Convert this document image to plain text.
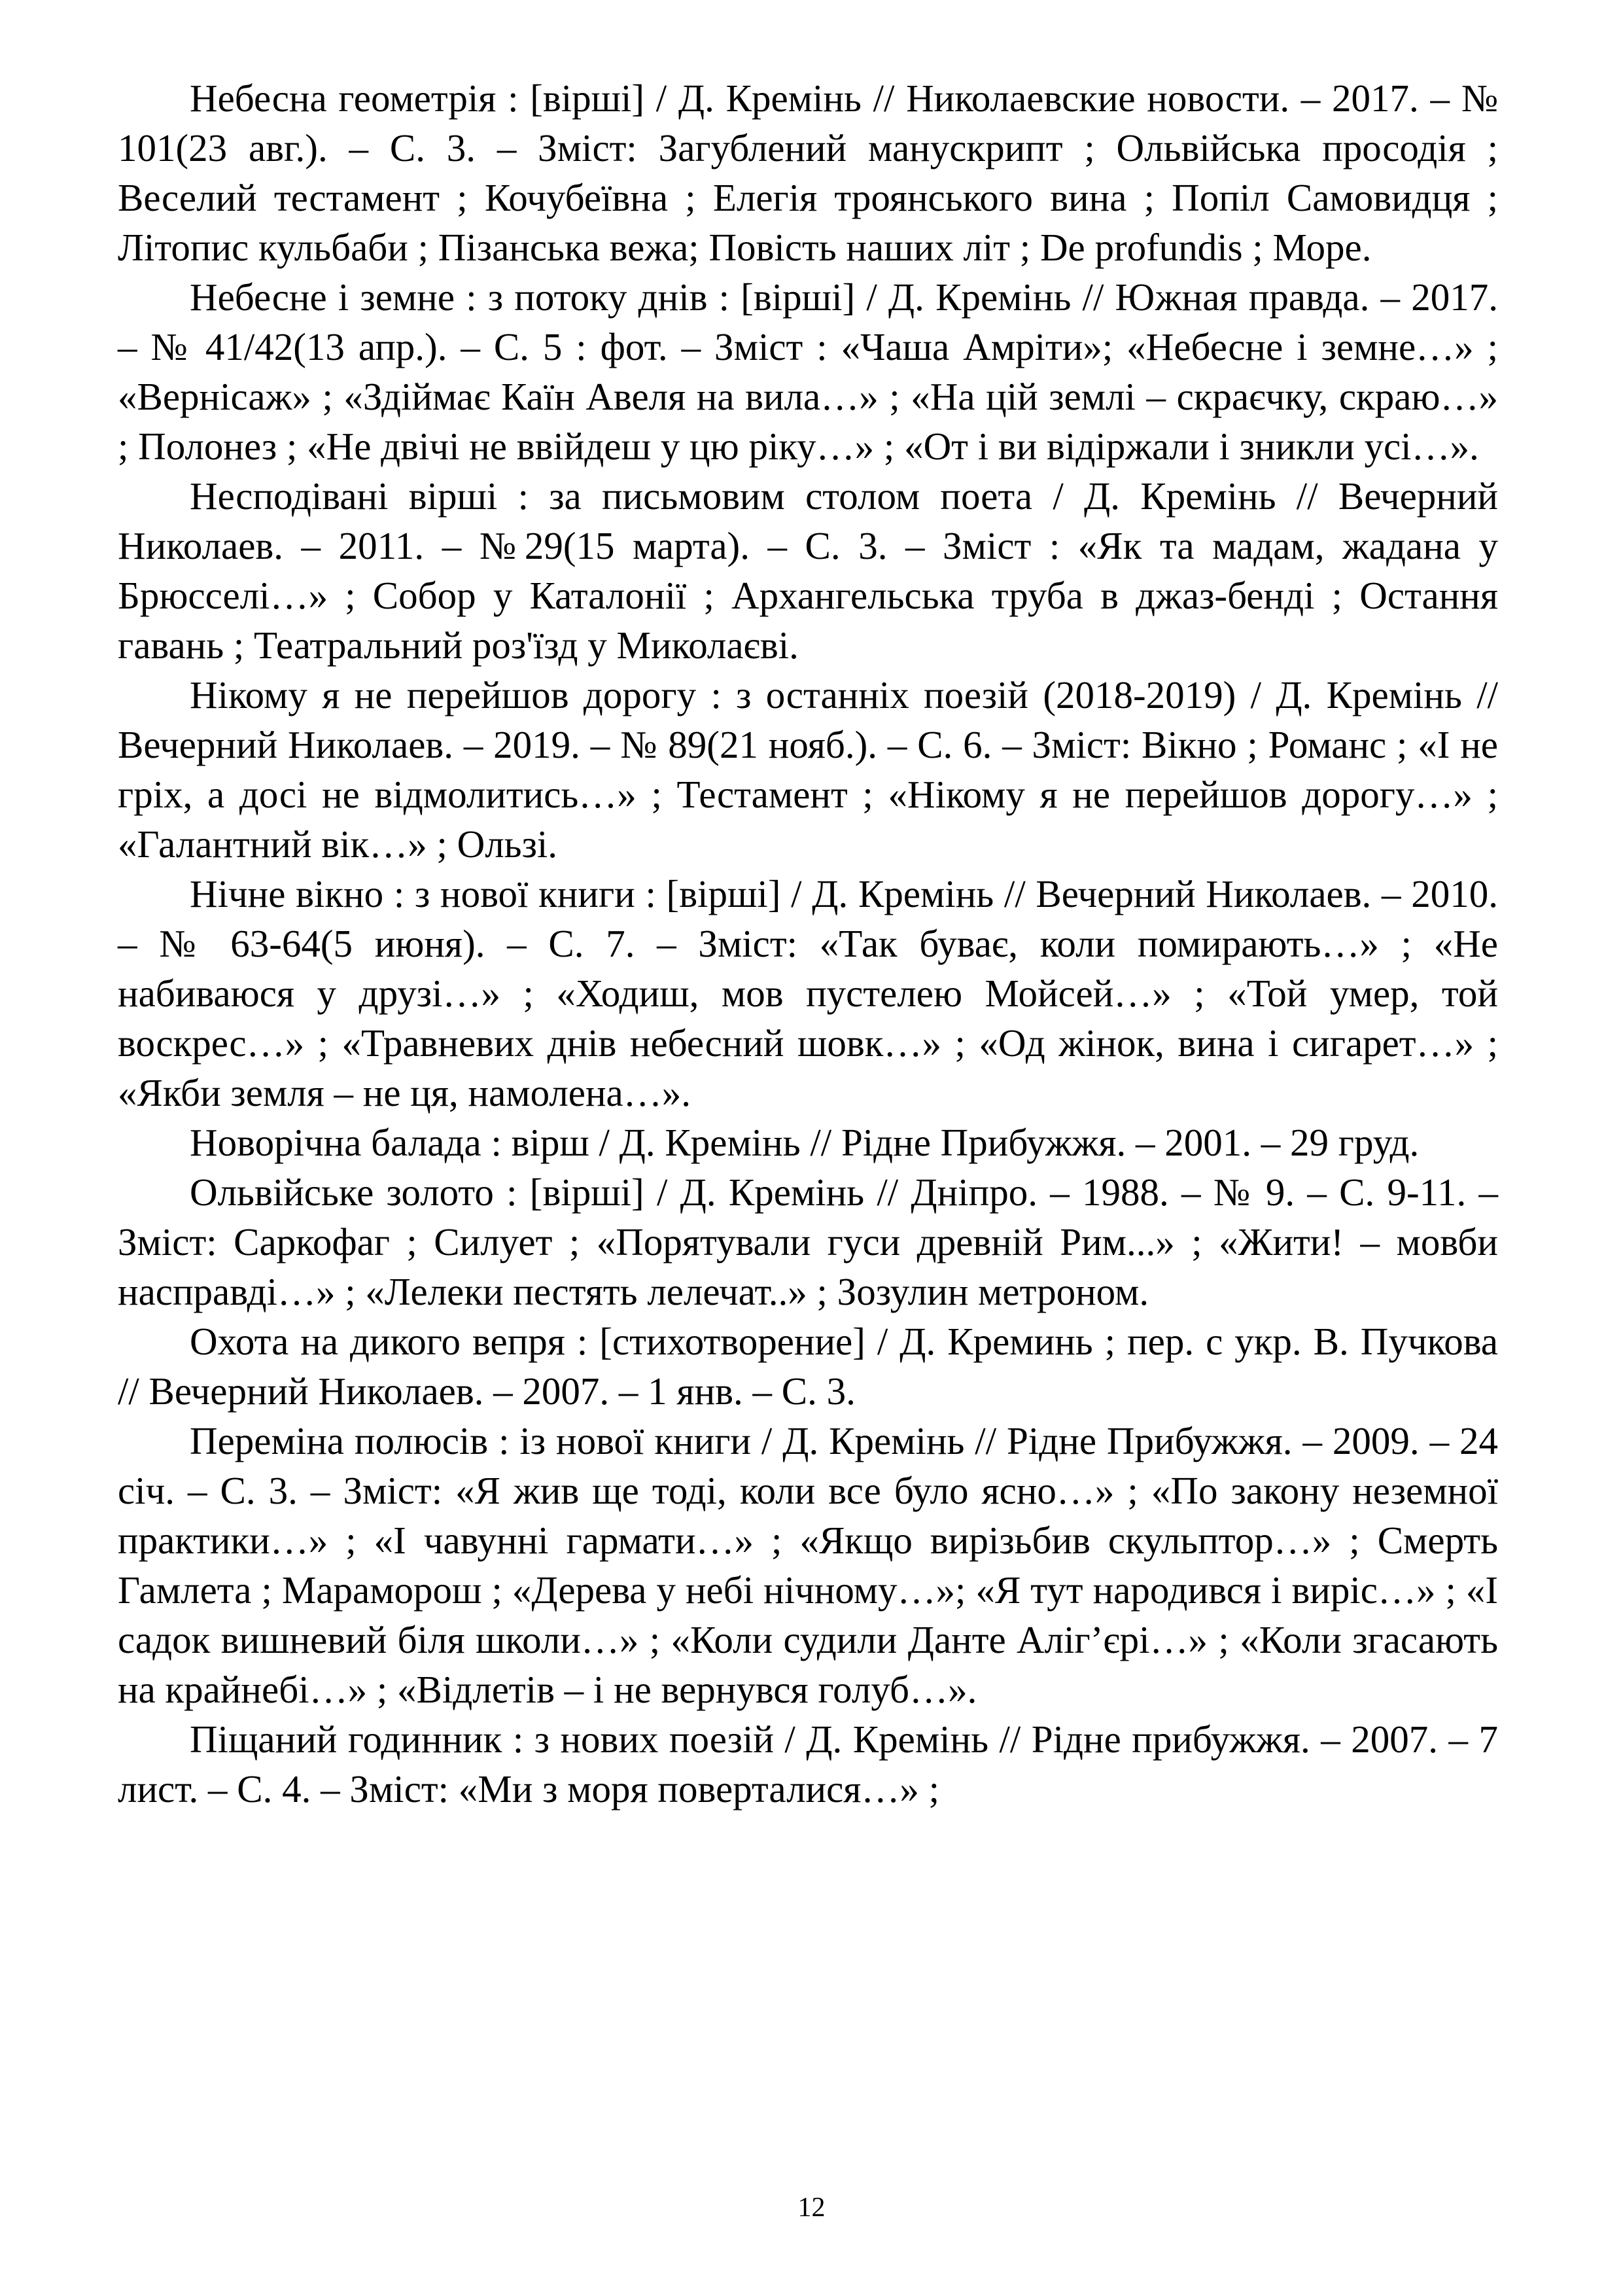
Небесна геометрія : [вірші] / Д. Кремінь // Николаевские новости. – 2017. – № 101(23 авг.). – С. 3. – Зміст: Загублений манускрипт ; Ольвійська просодія ; Веселий тестамент ; Кочубеївна ; Елегія троянського вина ; Попіл Самовидця ; Літопис кульбаби ; Пізанська вежа; Повість наших літ ; De profundis ; Море.

Небесне і земне : з потоку днів : [вірші] / Д. Кремінь // Южная правда. – 2017. – № 41/42(13 апр.). – С. 5 : фот. – Зміст : «Чаша Амріти»; «Небесне і земне…» ; «Вернісаж» ; «Здіймає Каїн Авеля на вила…» ; «На цій землі – скраєчку, скраю…» ; Полонез ; «Не двічі не ввійдеш у цю ріку…» ; «От і ви відіржали і зникли усі…».

Несподівані вірші : за письмовим столом поета / Д. Кремінь // Вечерний Николаев. – 2011. – №29(15 марта). – С. 3. – Зміст : «Як та мадам, жадана у Брюсселі…» ; Собор у Каталонії ; Архангельська труба в джаз-бенді ; Остання гавань ; Театральний роз'їзд у Миколаєві.

Нікому я не перейшов дорогу : з останніх поезій (2018-2019) / Д. Кремінь // Вечерний Николаев. – 2019. – № 89(21 нояб.). – С. 6. – Зміст: Вікно ; Романс ; «І не гріх, а досі не відмолитись…» ; Тестамент ; «Нікому я не перейшов дорогу…» ; «Галантний вік…» ; Ользі.

Нічне вікно : з нової книги : [вірші] / Д. Кремінь // Вечерний Николаев. – 2010. – № 63-64(5 июня). – С. 7. – Зміст: «Так буває, коли помирають…» ; «Не набиваюся у друзі…» ; «Ходиш, мов пустелею Мойсей…» ; «Той умер, той воскрес…» ; «Травневих днів небесний шовк…» ; «Од жінок, вина і сигарет…» ; «Якби земля – не ця, намолена…».

Новорічна балада : вірш / Д. Кремінь // Рідне Прибужжя. – 2001. – 29 груд.

Ольвійське золото : [вірші] / Д. Кремінь // Дніпро. – 1988. – № 9. – С. 9-11. – Зміст: Саркофаг ; Силует ; «Порятували гуси древній Рим...» ; «Жити! – мовби насправді…» ; «Лелеки пестять лелечат..» ; Зозулин метроном.

Охота на дикого вепря : [стихотворение] / Д. Креминь ; пер. с укр. В. Пучкова // Вечерний Николаев. – 2007. – 1 янв. – С. 3.

Переміна полюсів : із нової книги / Д. Кремінь // Рідне Прибужжя. – 2009. – 24 січ. – С. 3. – Зміст: «Я жив ще тоді, коли все було ясно…» ; «По закону неземної практики…» ; «І чавунні гармати…» ; «Якщо вирізьбив скульптор…» ; Смерть Гамлета ; Мараморош ; «Дерева у небі нічному…»; «Я тут народився і виріс…» ; «І садок вишневий біля школи…» ; «Коли судили Данте Аліг’єрі…» ; «Коли згасають на крайнебі…» ; «Відлетів – і не вернувся голуб…».

Піщаний годинник : з нових поезій / Д. Кремінь // Рідне прибужжя. – 2007. – 7 лист. – С. 4. – Зміст: «Ми з моря поверталися…» ;

12
